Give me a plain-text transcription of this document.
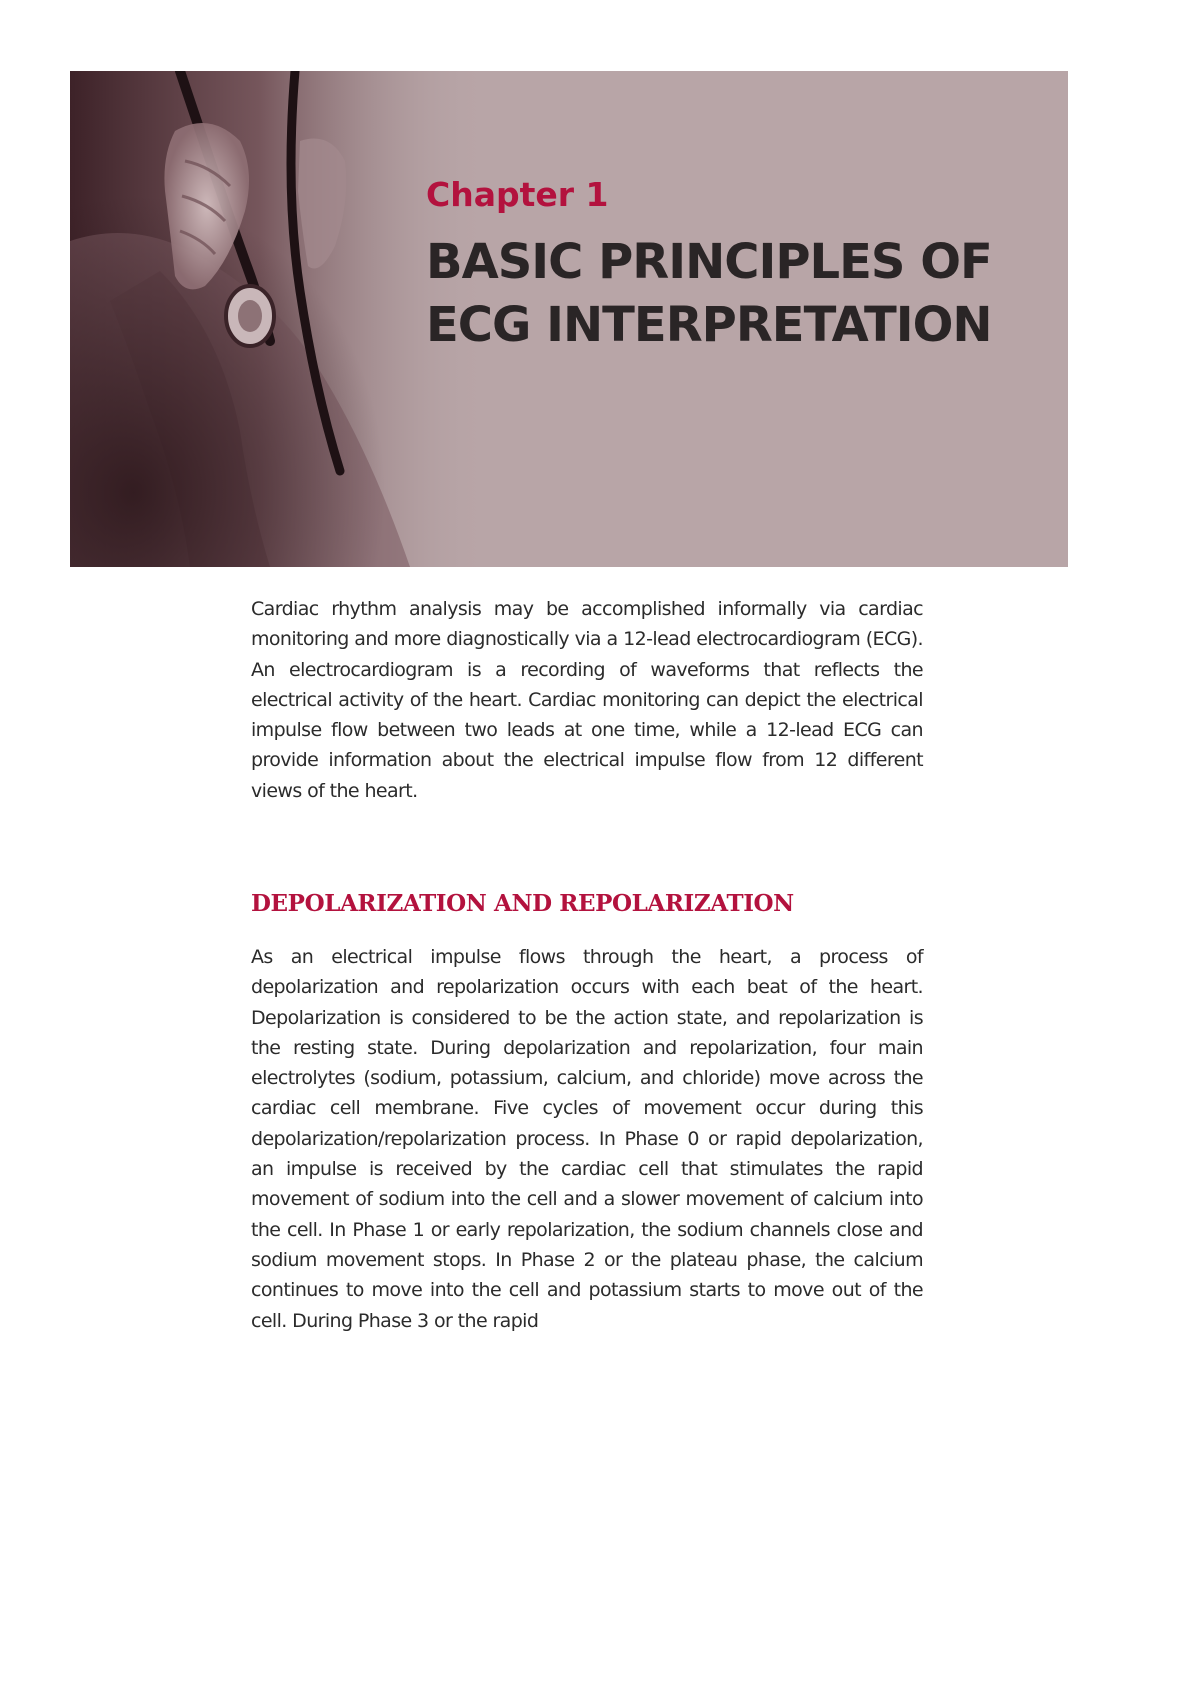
Chapter 1
BASIC PRINCIPLES OF ECG INTERPRETATION

Cardiac rhythm analysis may be accomplished informally via cardiac monitoring and more diagnostically via a 12-lead electrocardiogram (ECG). An electrocardiogram is a recording of waveforms that reflects the electrical activity of the heart. Cardiac monitoring can depict the electrical impulse flow between two leads at one time, while a 12-lead ECG can provide information about the electrical impulse flow from 12 different views of the heart.

DEPOLARIZATION AND REPOLARIZATION

As an electrical impulse flows through the heart, a process of depolarization and repolarization occurs with each beat of the heart. Depolarization is considered to be the action state, and repolarization is the resting state. During depolarization and repolarization, four main electrolytes (sodium, potassium, calcium, and chloride) move across the cardiac cell membrane. Five cycles of movement occur during this depolarization/repolarization process. In Phase 0 or rapid depolarization, an impulse is received by the cardiac cell that stimulates the rapid movement of sodium into the cell and a slower movement of calcium into the cell. In Phase 1 or early repolarization, the sodium channels close and sodium movement stops. In Phase 2 or the plateau phase, the calcium continues to move into the cell and potassium starts to move out of the cell. During Phase 3 or the rapid
